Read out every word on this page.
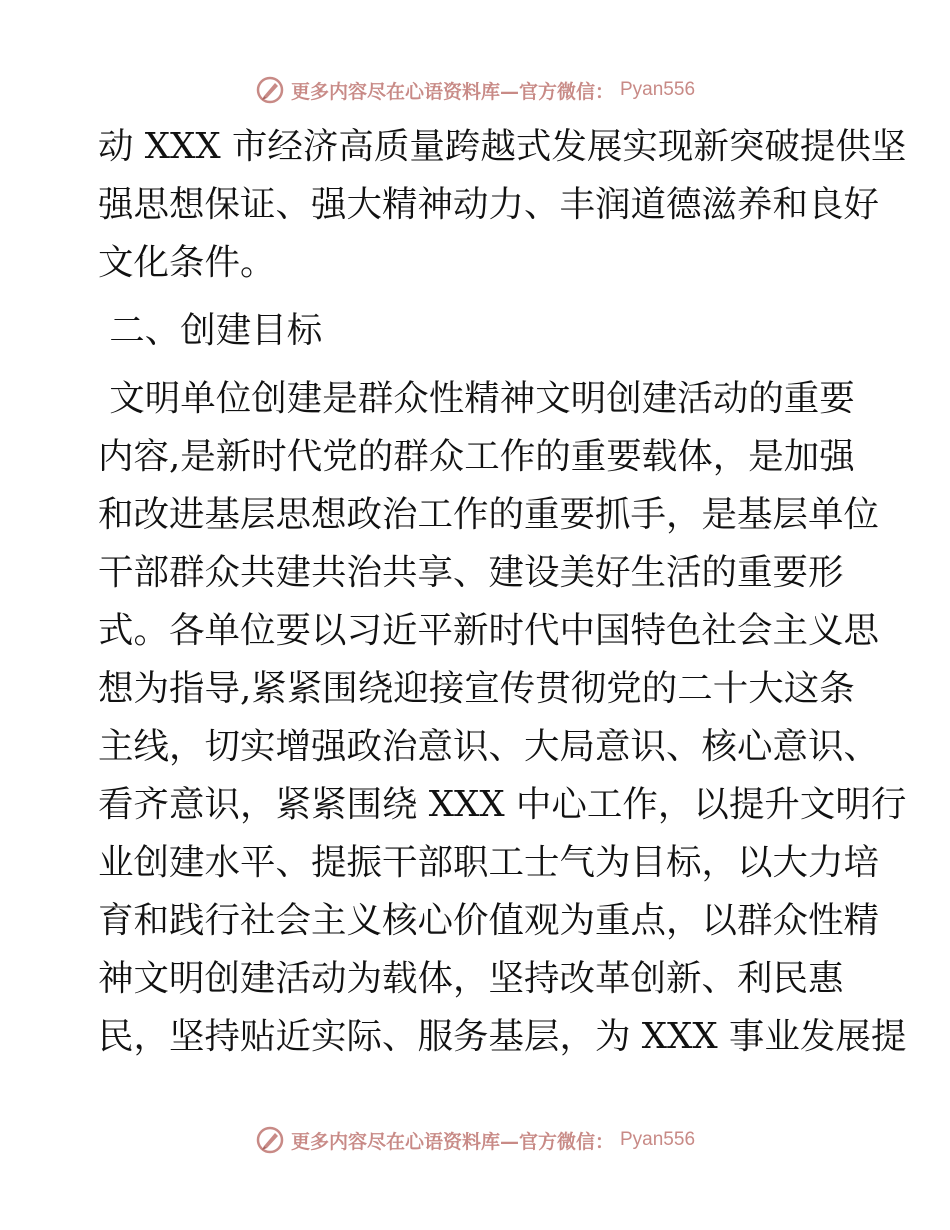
更多内容尽在心语资料库—官方微信： Pyan556

动 XXX 市经济高质量跨越式发展实现新突破提供坚

强思想保证、强大精神动力、丰润道德滋养和良好

文化条件。

二、创建目标

文明单位创建是群众性精神文明创建活动的重要

内容,是新时代党的群众工作的重要载体，是加强

和改进基层思想政治工作的重要抓手，是基层单位

干部群众共建共治共享、建设美好生活的重要形

式。各单位要以习近平新时代中国特色社会主义思

想为指导,紧紧围绕迎接宣传贯彻党的二十大这条

主线，切实增强政治意识、大局意识、核心意识、

看齐意识，紧紧围绕 XXX 中心工作，以提升文明行

业创建水平、提振干部职工士气为目标，以大力培

育和践行社会主义核心价值观为重点，以群众性精

神文明创建活动为载体，坚持改革创新、利民惠

民，坚持贴近实际、服务基层，为 XXX 事业发展提

更多内容尽在心语资料库—官方微信： Pyan556
